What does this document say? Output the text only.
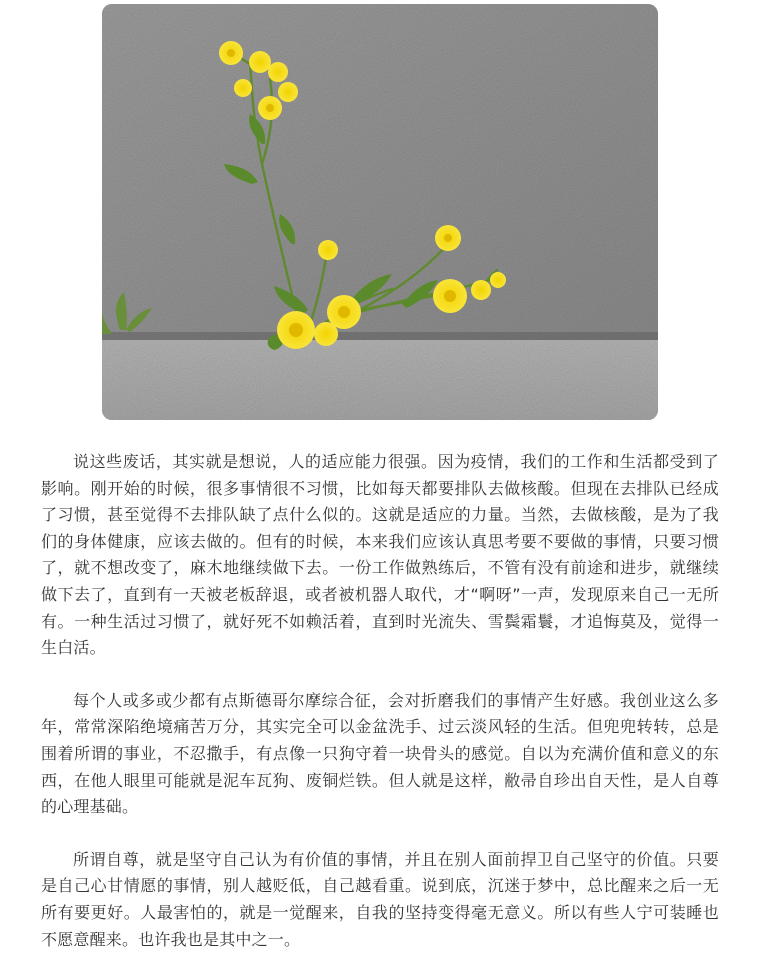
说这些废话，其实就是想说，人的适应能力很强。因为疫情，我们的工作和生活都受到了影响。刚开始的时候，很多事情很不习惯，比如每天都要排队去做核酸。但现在去排队已经成了习惯，甚至觉得不去排队缺了点什么似的。这就是适应的力量。当然，去做核酸，是为了我们的身体健康，应该去做的。但有的时候，本来我们应该认真思考要不要做的事情，只要习惯了，就不想改变了，麻木地继续做下去。一份工作做熟练后，不管有没有前途和进步，就继续做下去了，直到有一天被老板辞退，或者被机器人取代，才“啊呀”一声，发现原来自己一无所有。一种生活过习惯了，就好死不如赖活着，直到时光流失、雪鬓霜鬟，才追悔莫及，觉得一生白活。

每个人或多或少都有点斯德哥尔摩综合征，会对折磨我们的事情产生好感。我创业这么多年，常常深陷绝境痛苦万分，其实完全可以金盆洗手、过云淡风轻的生活。但兜兜转转，总是围着所谓的事业，不忍撒手，有点像一只狗守着一块骨头的感觉。自以为充满价值和意义的东西，在他人眼里可能就是泥车瓦狗、废铜烂铁。但人就是这样，敝帚自珍出自天性，是人自尊的心理基础。

所谓自尊，就是坚守自己认为有价值的事情，并且在别人面前捍卫自己坚守的价值。只要是自己心甘情愿的事情，别人越贬低，自己越看重。说到底，沉迷于梦中，总比醒来之后一无所有要更好。人最害怕的，就是一觉醒来，自我的坚持变得毫无意义。所以有些人宁可装睡也不愿意醒来。也许我也是其中之一。
